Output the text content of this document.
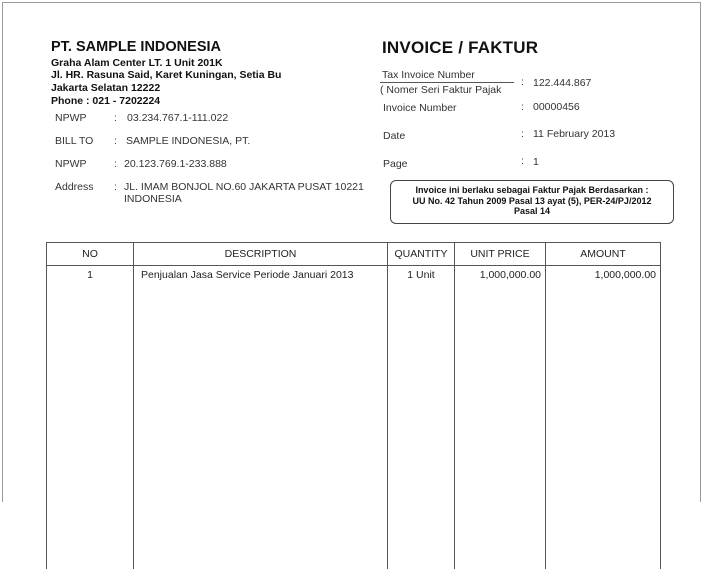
PT. SAMPLE INDONESIA
Graha Alam Center LT. 1 Unit 201K
Jl. HR. Rasuna Said, Karet Kuningan, Setia Bu
Jakarta Selatan 12222
Phone : 021 - 7202224
NPWP	: 03.234.767.1-111.022
BILL TO : SAMPLE INDONESIA, PT.
NPWP	: 20.123.769.1-233.888
Address : JL. IMAM BONJOL NO.60 JAKARTA PUSAT 10221 INDONESIA
INVOICE / FAKTUR
Tax Invoice Number
( Nomer Seri Faktur Pajak
: 122.444.867
Invoice Number	: 00000456
Date	: 11 February 2013
Page	: 1
Invoice ini berlaku sebagai Faktur Pajak Berdasarkan :
UU No. 42 Tahun 2009 Pasal 13 ayat (5), PER-24/PJ/2012
Pasal 14
NO	DESCRIPTION	QUANTITY	UNIT PRICE	AMOUNT
1	Penjualan Jasa Service Periode Januari 2013	1 Unit	1,000,000.00	1,000,000.00
